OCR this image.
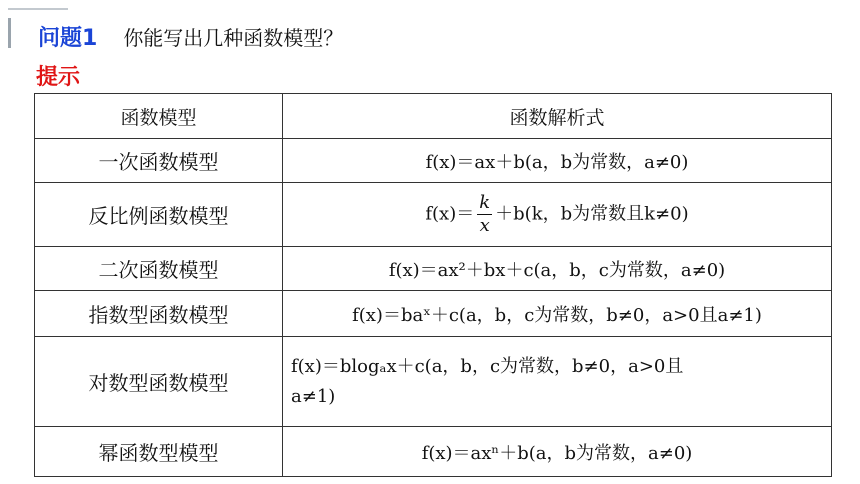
问题1 你能写出几种函数模型？
提示
函数模型	函数解析式
一次函数模型	f(x)＝ax＋b(a，b为常数，a≠0)
反比例函数模型	$f(x)= \frac{k}{x} +b(k$，b为常数且k≠0)
二次函数模型	f(x)＝ax²＋bx＋c(a，b，c为常数，a≠0)
指数型函数模型	f(x)＝baˣ＋c(a，b，c为常数，b≠0，a>0且a≠1)
对数型函数模型	f(x)＝blogₐx＋c(a，b，c为常数，b≠0，a>0且
a≠1)

幂函数型模型	f(x)＝axⁿ＋b(a，b为常数，a≠0)
